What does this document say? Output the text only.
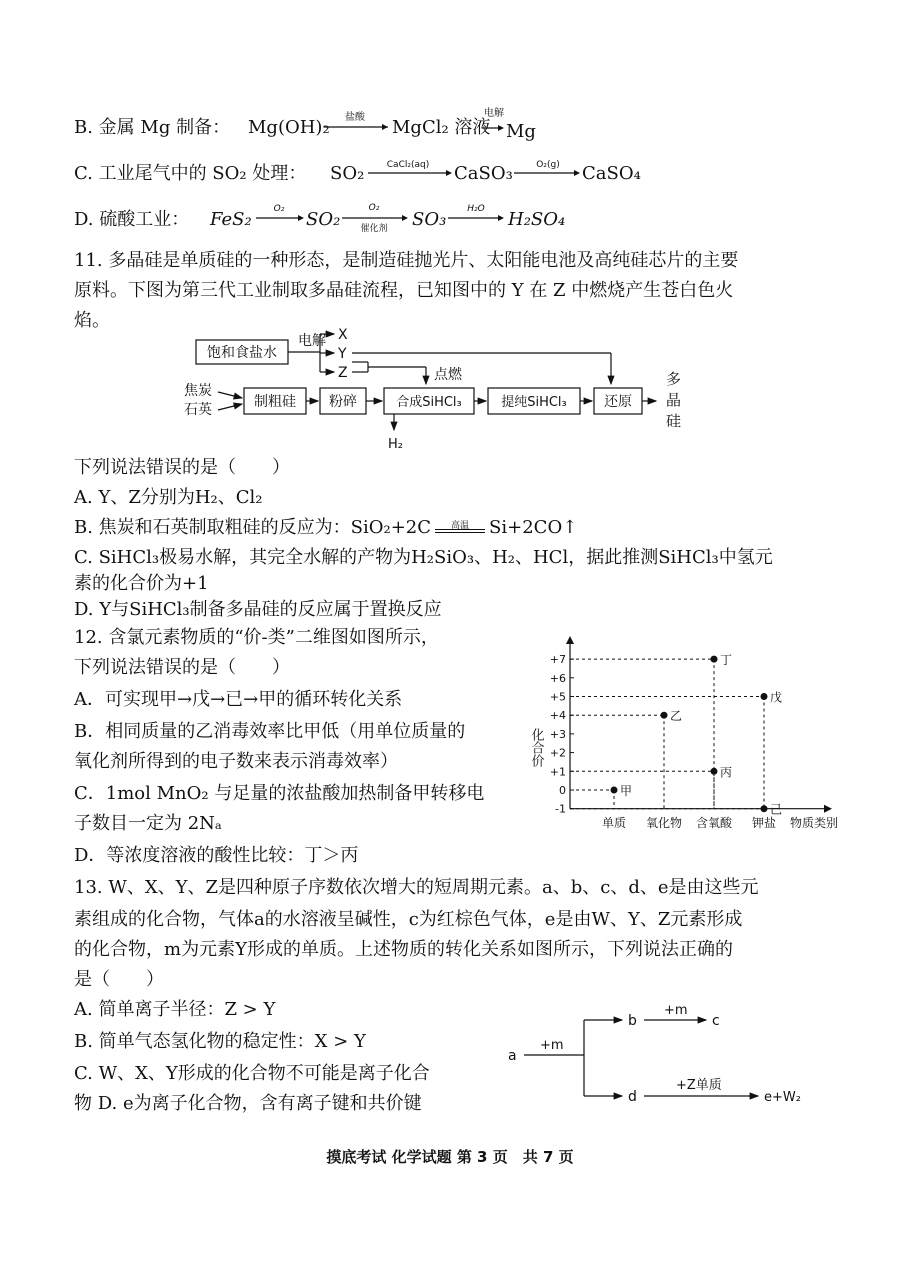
B. 金属 Mg 制备： Mg(OH)₂ 盐酸 MgCl₂ 溶液
电解
Mg
C. 工业尾气中的 SO₂ 处理： SO₂ CaCl₂(aq) CaSO₃	O₂(g) CaSO₄
D. 硫酸工业： FeS₂ O₂ SO₂
O₂
催化剂 SO₃ H₂O H₂SO₄
11. 多晶硅是单质硅的一种形态，是制造硅抛光片、太阳能电池及高纯硅芯片的主要
原料。下图为第三代工业制取多晶硅流程，已知图中的 Y 在 Z 中燃烧产生苍白色火
焰。
饱和食盐水
电解 X
Y
Z	点燃
焦炭
石英	制粗硅 粉碎	合成SiHCl₃	提纯SiHCl₃	还原
多
晶
硅
H₂
下列说法错误的是（　　）
A. Y、Z分别为H₂、Cl₂
B. 焦炭和石英制取粗硅的反应为：SiO₂+2C	高温	Si+2CO↑
C. SiHCl₃极易水解，其完全水解的产物为H₂SiO₃、H₂、HCl，据此推测SiHCl₃中氢元
素的化合价为+1
D. Y与SiHCl₃制备多晶硅的反应属于置换反应
12. 含氯元素物质的“价-类”二维图如图所示，
下列说法错误的是（　　）
A．可实现甲→戊→已→甲的循环转化关系
B．相同质量的乙消毒效率比甲低（用单位质量的
氧化剂所得到的电子数来表示消毒效率）
C．1mol MnO₂ 与足量的浓盐酸加热制备甲转移电
子数目一定为 2Nₐ
D．等浓度溶液的酸性比较：丁＞丙
+7
+6
+5
+4
+3
+2
+1
0
-1
单质 氧化物 含氧酸 钾盐
甲
乙
丙
丁
戊
己
化合价
物质类别
13. W、X、Y、Z是四种原子序数依次增大的短周期元素。a、b、c、d、e是由这些元
素组成的化合物，气体a的水溶液呈碱性，c为红棕色气体，e是由W、Y、Z元素形成
的化合物，m为元素Y形成的单质。上述物质的转化关系如图所示，下列说法正确的
是（　　）
A. 简单离子半径：Z > Y
B. 简单气态氢化物的稳定性：X > Y
C. W、X、Y形成的化合物不可能是离子化合
物 D. e为离子化合物，含有离子键和共价键
a
+m
b
+m
c
d
+Z单质
e+W₂
摸底考试 化学试题 第 3 页　共 7 页
